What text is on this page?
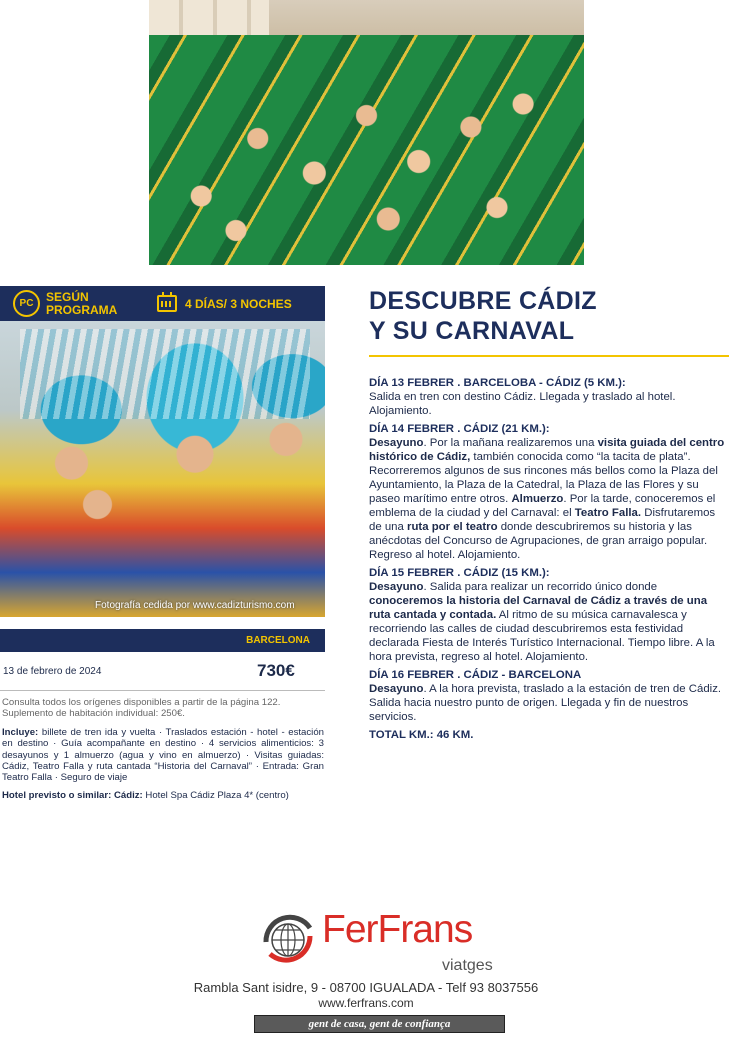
PC	SEGÚN
PROGRAMA	4 DÍAS/ 3 NOCHES
Fotografía cedida por www.cadizturismo.com
BARCELONA
13 de febrero de 2024	730€
Consulta todos los orígenes disponibles a partir de la página 122. Suplemento de habitación individual: 250€.
Incluye: billete de tren ida y vuelta · Traslados estación - hotel - estación en destino · Guía acompañante en destino · 4 servicios alimenticios: 3 desayunos y 1 almuerzo (agua y vino en almuerzo) · Visitas guiadas: Cádiz, Teatro Falla y ruta cantada “Historia del Carnaval” · Entrada: Gran Teatro Falla · Seguro de viaje
Hotel previsto o similar: Cádiz: Hotel Spa Cádiz Plaza 4* (centro)
DESCUBRE CÁDIZ
Y SU CARNAVAL
DÍA 13 FEBRER . BARCELOBA - CÁDIZ (5 KM.):
Salida en tren con destino Cádiz. Llegada y traslado al hotel. Alojamiento.
DÍA 14 FEBRER . CÁDIZ (21 KM.):
Desayuno. Por la mañana realizaremos una visita guiada del centro histórico de Cádiz, también conocida como “la tacita de plata”. Recorreremos algunos de sus rincones más bellos como la Plaza del Ayuntamiento, la Plaza de la Catedral, la Plaza de las Flores y su paseo marítimo entre otros. Almuerzo. Por la tarde, conoceremos el emblema de la ciudad y del Carnaval: el Teatro Falla. Disfrutaremos de una ruta por el teatro donde descubriremos su historia y las anécdotas del Concurso de Agrupaciones, de gran arraigo popular. Regreso al hotel. Alojamiento.
DÍA 15 FEBRER . CÁDIZ (15 KM.):
Desayuno. Salida para realizar un recorrido único donde conoceremos la historia del Carnaval de Cádiz a través de una ruta cantada y contada. Al ritmo de su música carnavalesca y recorriendo las calles de ciudad descubriremos esta festividad declarada Fiesta de Interés Turístico Internacional. Tiempo libre. A la hora prevista, regreso al hotel. Alojamiento.
DÍA 16 FEBRER . CÁDIZ - BARCELONA
Desayuno. A la hora prevista, traslado a la estación de tren de Cádiz. Salida hacia nuestro punto de origen. Llegada y fin de nuestros servicios.
TOTAL KM.: 46 KM.
FerFrans
viatges
Rambla Sant isidre, 9 - 08700 IGUALADA - Telf 93 8037556
www.ferfrans.com
gent de casa, gent de confiança
